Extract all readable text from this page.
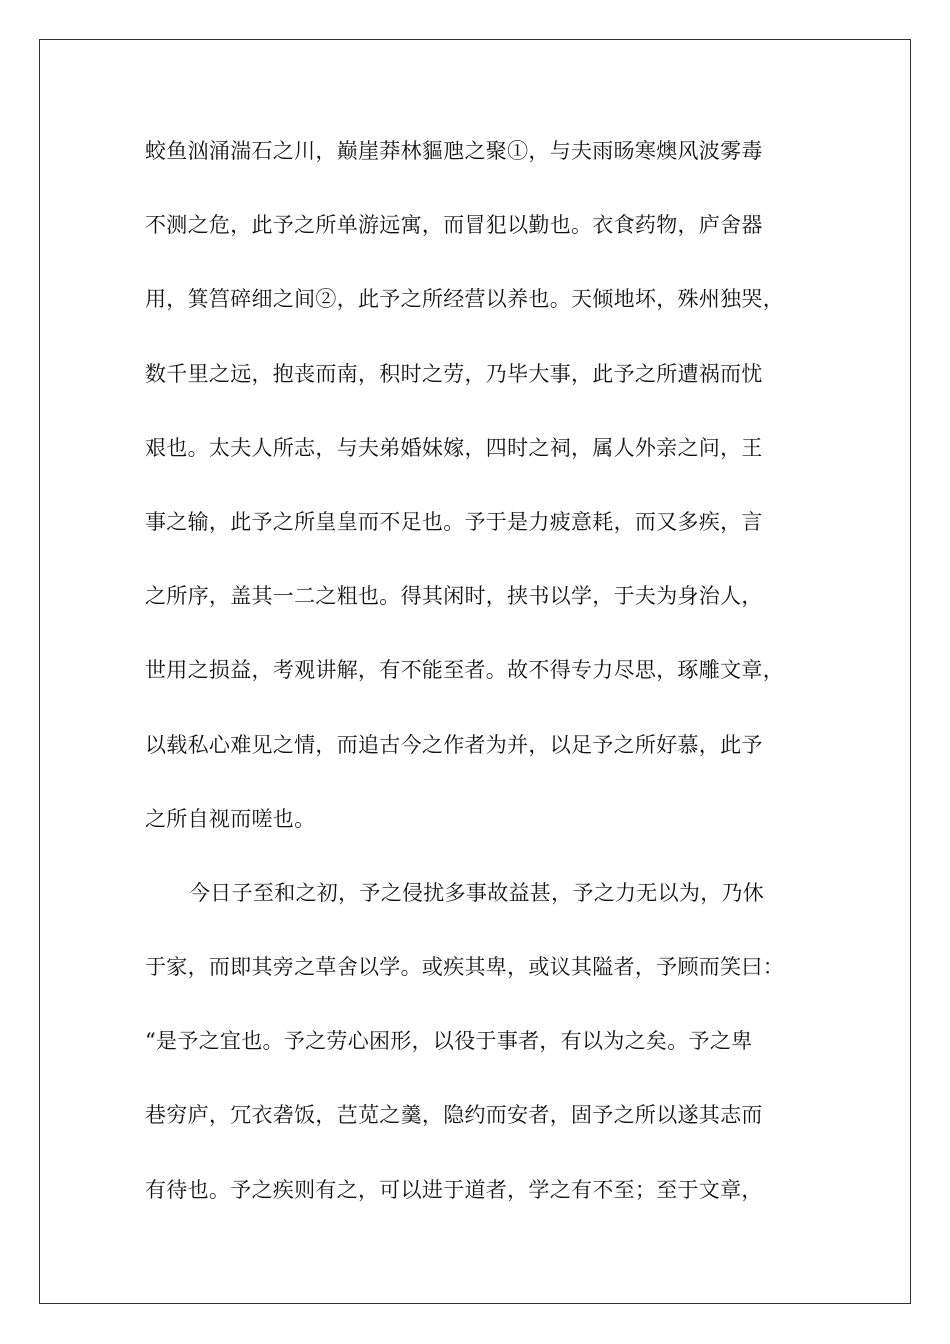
蛟鱼汹涌湍石之川，巅崖莽林貙虺之聚①，与夫雨旸寒燠风波雾毒
不测之危，此予之所单游远寓，而冒犯以勤也。衣食药物，庐舍器
用，箕筥碎细之间②，此予之所经营以养也。天倾地坏，殊州独哭，
数千里之远，抱丧而南，积时之劳，乃毕大事，此予之所遭祸而忧
艰也。太夫人所志，与夫弟婚妹嫁，四时之祠，属人外亲之问，王
事之输，此予之所皇皇而不足也。予于是力疲意耗，而又多疾，言
之所序，盖其一二之粗也。得其闲时，挟书以学，于夫为身治人，
世用之损益，考观讲解，有不能至者。故不得专力尽思，琢雕文章，
以载私心难见之情，而追古今之作者为并，以足予之所好慕，此予
之所自视而嗟也。
今日子至和之初，予之侵扰多事故益甚，予之力无以为，乃休
于家，而即其旁之草舍以学。或疾其卑，或议其隘者，予顾而笑曰：
“是予之宜也。予之劳心困形，以役于事者，有以为之矣。予之卑
巷穷庐，冗衣砻饭，芑苋之羹，隐约而安者，固予之所以遂其志而
有待也。予之疾则有之，可以进于道者，学之有不至；至于文章，
